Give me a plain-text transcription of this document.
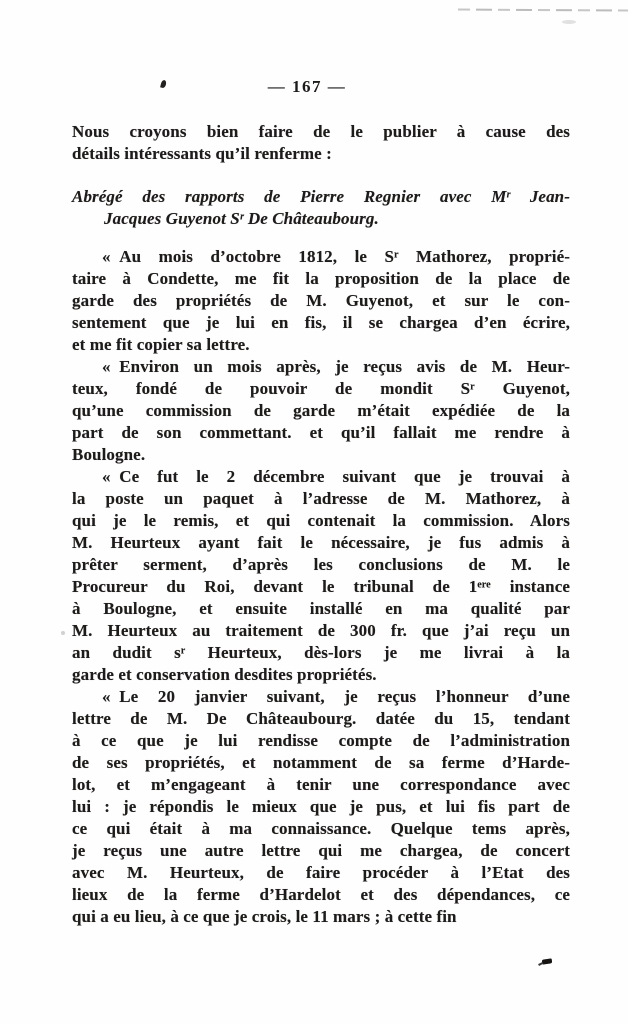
— 167 —
Nous croyons bien faire de le publier à cause des
détails intéressants qu’il renferme :
Abrégé des rapports de Pierre Regnier avec Mʳ Jean-
Jacques Guyenot Sʳ De Châteaubourg.
« Au mois d’octobre 1812, le Sʳ Mathorez, proprié-
taire à Condette, me fit la proposition de la place de
garde des propriétés de M. Guyenot, et sur le con-
sentement que je lui en fis, il se chargea d’en écrire,
et me fit copier sa lettre.
« Environ un mois après, je reçus avis de M. Heur-
teux, fondé de pouvoir de mondit Sʳ Guyenot,
qu’une commission de garde m’était expédiée de la
part de son commettant. et qu’il fallait me rendre à
Boulogne.
« Ce fut le 2 décembre suivant que je trouvai à
la poste un paquet à l’adresse de M. Mathorez, à
qui je le remis, et qui contenait la commission. Alors
M. Heurteux ayant fait le nécessaire, je fus admis à
prêter serment, d’après les conclusions de M. le
Procureur du Roi, devant le tribunal de 1ᵉʳᵉ instance
à Boulogne, et ensuite installé en ma qualité par
M. Heurteux au traitement de 300 fr. que j’ai reçu un
an dudit sʳ Heurteux, dès-lors je me livrai à la
garde et conservation desdites propriétés.
« Le 20 janvier suivant, je reçus l’honneur d’une
lettre de M. De Châteaubourg. datée du 15, tendant
à ce que je lui rendisse compte de l’administration
de ses propriétés, et notamment de sa ferme d’Harde-
lot, et m’engageant à tenir une correspondance avec
lui : je répondis le mieux que je pus, et lui fis part de
ce qui était à ma connaissance. Quelque tems après,
je reçus une autre lettre qui me chargea, de concert
avec M. Heurteux, de faire procéder à l’Etat des
lieux de la ferme d’Hardelot et des dépendances, ce
qui a eu lieu, à ce que je crois, le 11 mars ; à cette fin
